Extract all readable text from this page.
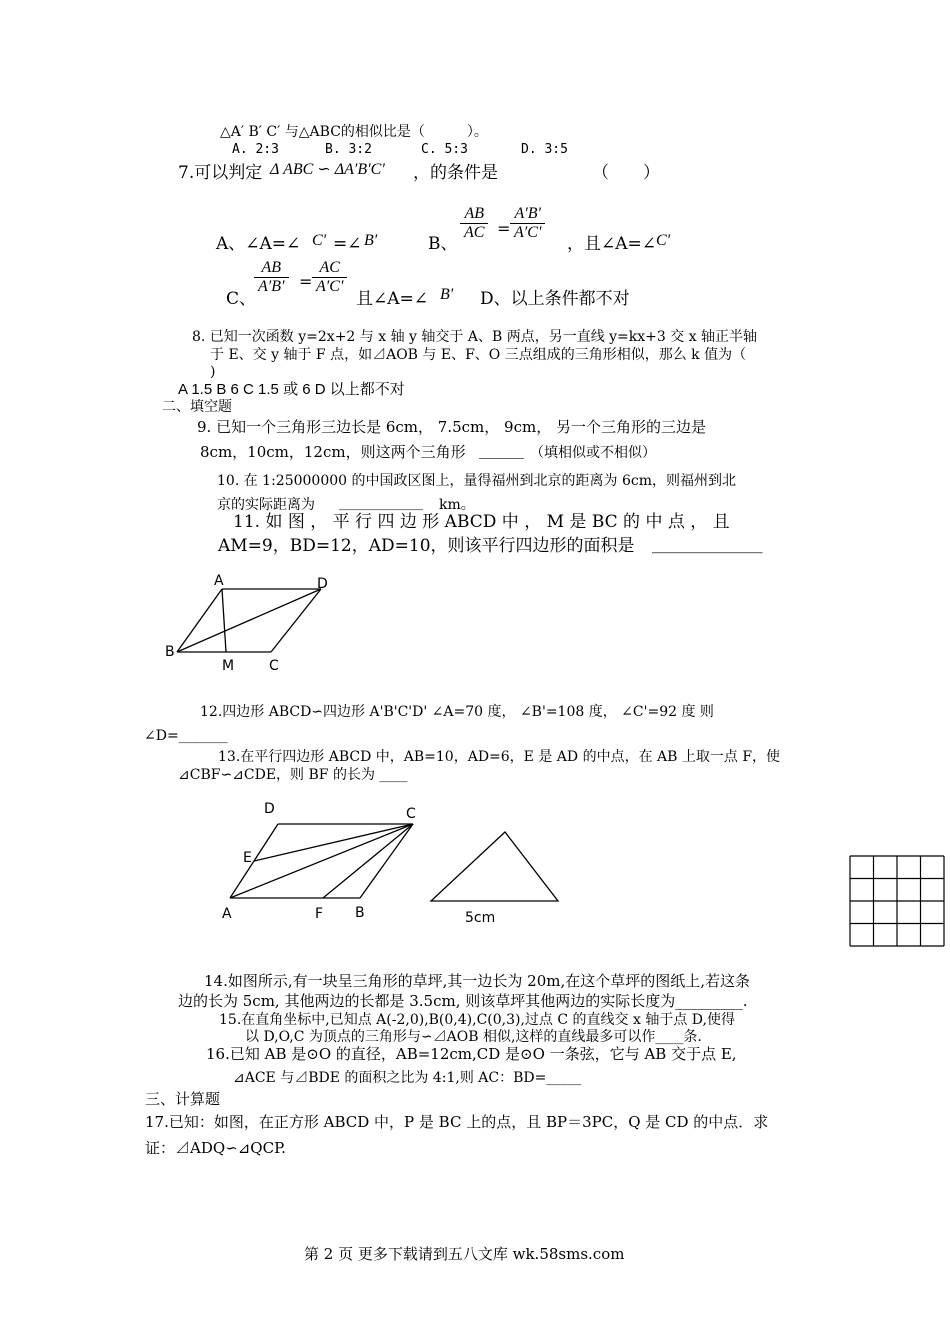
△A′ B′ C′ 与△ABC的相似比是（　　　）。
A. 2:3	B. 3:2	C. 5:3	D. 3:5
7.可以判定 Δ ABC ∽ ΔA′B′C′ ，的条件是	（　　）
A、∠A=∠ C′ =∠ B′	B、
$\frac{AB}{AC} = \frac{A'B'}{A'C'}$
，且∠A=∠ C′
C、
$\frac{AB}{A'B'} = \frac{AC}{A'C'}$
且∠A=∠ B′ D、以上条件都不对
8. 已知一次函数 y=2x+2 与 x 轴 y 轴交于 A、B 两点，另一直线 y=kx+3 交 x 轴正半轴
于 E、交 y 轴于 F 点，如⊿AOB 与 E、F、O 三点组成的三角形相似，那么 k 值为（
)
A 1.5 B 6 C 1.5 或 6 D 以上都不对
二、填空题
9. 已知一个三角形三边长是 6cm， 7.5cm， 9cm， 另一个三角形的三边是
8cm，10cm，12cm，则这两个三角形 ______ （填相似或不相似）
10. 在 1:25000000 的中国政区图上，量得福州到北京的距离为 6cm，则福州到北
京的实际距离为 ____________ km。
11. 如 图 ， 平 行 四 边 形 ABCD 中 ， M 是 BC 的 中 点 ， 且
AM=9，BD=12，AD=10，则该平行四边形的面积是 _____________
A	D
B
M C
12.四边形 ABCD∽四边形 A'B'C'D' ∠A=70 度， ∠B'=108 度， ∠C'=92 度 则
∠D=_______
13.在平行四边形 ABCD 中，AB=10，AD=6，E 是 AD 的中点，在 AB 上取一点 F，使
⊿CBF∽⊿CDE，则 BF 的长为 ____
D	C
E
A	F B	5cm
14.如图所示,有一块呈三角形的草坪,其一边长为 20m,在这个草坪的图纸上,若这条
边的长为 5cm, 其他两边的长都是 3.5cm, 则该草坪其他两边的实际长度为_________.
15.在直角坐标中,已知点 A(-2,0),B(0,4),C(0,3),过点 C 的直线交 x 轴于点 D,使得
以 D,O,C 为顶点的三角形与∽⊿AOB 相似,这样的直线最多可以作____条.
16.已知 AB 是⊙O 的直径，AB=12cm,CD 是⊙O 一条弦，它与 AB 交于点 E,
⊿ACE 与⊿BDE 的面积之比为 4:1,则 AC：BD=_____
三、计算题
17.已知：如图，在正方形 ABCD 中，P 是 BC 上的点，且 BP＝3PC，Q 是 CD 的中点．求
证：⊿ADQ∽⊿QCP.
第 2 页 更多下载请到五八文库 wk.58sms.com
